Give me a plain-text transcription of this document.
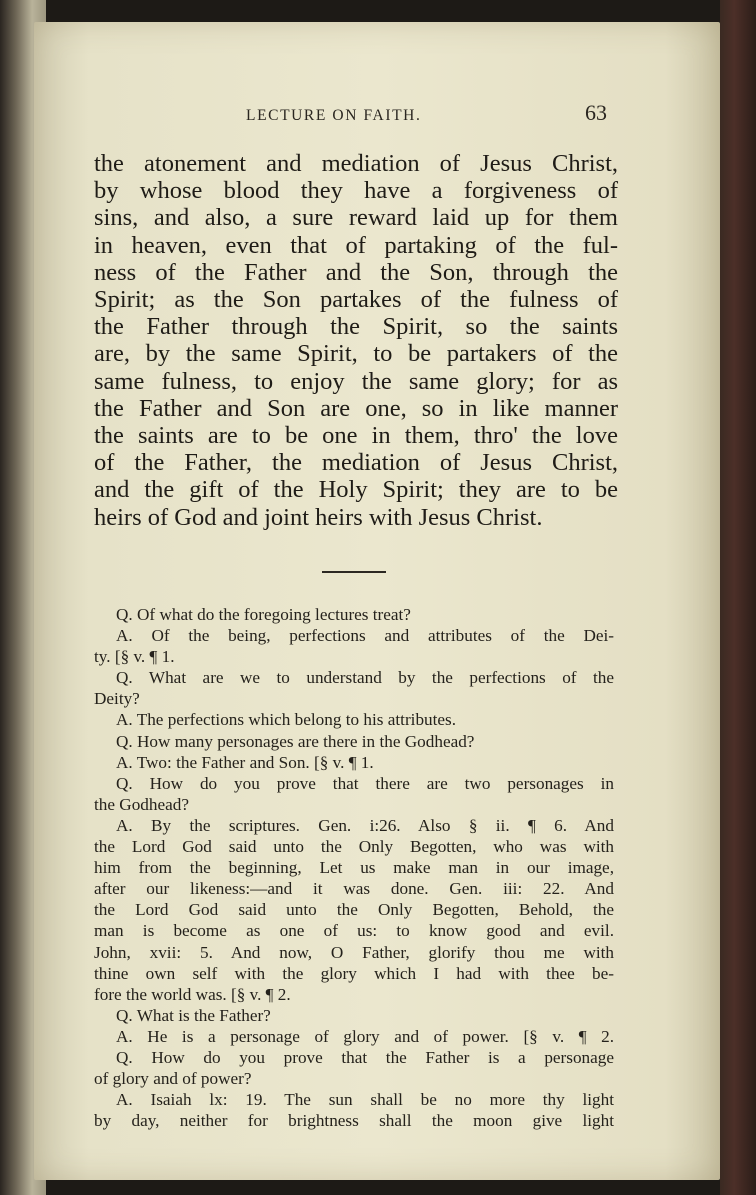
LECTURE ON FAITH.	63
the atonement and mediation of Jesus Christ,
by whose blood they have a forgiveness of
sins, and also, a sure reward laid up for them
in heaven, even that of partaking of the ful-
ness of the Father and the Son, through the
Spirit; as the Son partakes of the fulness of
the Father through the Spirit, so the saints
are, by the same Spirit, to be partakers of the
same fulness, to enjoy the same glory; for as
the Father and Son are one, so in like manner
the saints are to be one in them, thro' the love
of the Father, the mediation of Jesus Christ,
and the gift of the Holy Spirit; they are to be
heirs of God and joint heirs with Jesus Christ.
Q. Of what do the foregoing lectures treat?
A. Of the being, perfections and attributes of the Dei-
ty. [§ v. ¶ 1.
Q. What are we to understand by the perfections of the
Deity?
A. The perfections which belong to his attributes.
Q. How many personages are there in the Godhead?
A. Two: the Father and Son. [§ v. ¶ 1.
Q. How do you prove that there are two personages in
the Godhead?
A. By the scriptures. Gen. i:26. Also § ii. ¶ 6. And
the Lord God said unto the Only Begotten, who was with
him from the beginning, Let us make man in our image,
after our likeness:—and it was done. Gen. iii: 22. And
the Lord God said unto the Only Begotten, Behold, the
man is become as one of us: to know good and evil.
John, xvii: 5. And now, O Father, glorify thou me with
thine own self with the glory which I had with thee be-
fore the world was. [§ v. ¶ 2.
Q. What is the Father?
A. He is a personage of glory and of power. [§ v. ¶ 2.
Q. How do you prove that the Father is a personage
of glory and of power?
A. Isaiah lx: 19. The sun shall be no more thy light
by day, neither for brightness shall the moon give light
